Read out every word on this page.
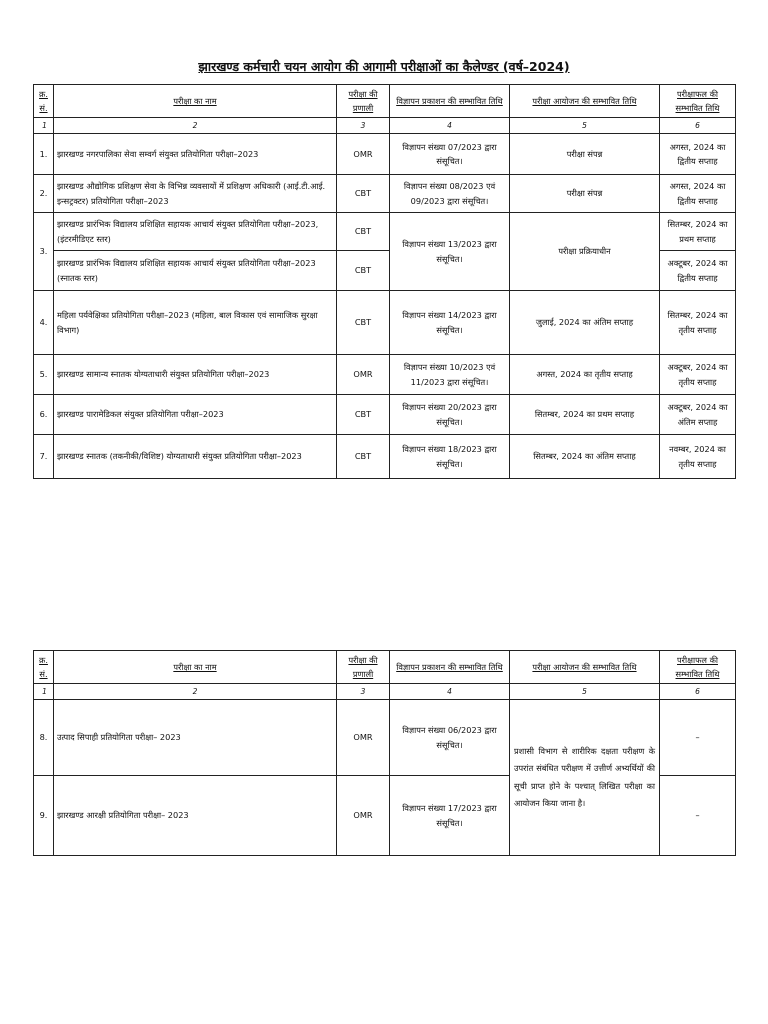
झारखण्ड कर्मचारी चयन आयोग की आगामी परीक्षाओं का कैलेण्डर (वर्ष–2024)
क्र. सं.	परीक्षा का नाम	परीक्षा की प्रणाली	विज्ञापन प्रकाशन की सम्भावित तिथि	परीक्षा आयोजन की सम्भावित तिथि	परीक्षाफल की सम्भावित तिथि
1	2	3	4	5	6
1.	झारखण्ड नगरपालिका सेवा सम्वर्ग संयुक्त प्रतियोगिता परीक्षा–2023	OMR	विज्ञापन संख्या 07/2023 द्वारा संसूचित।	परीक्षा संपन्न	अगस्त, 2024 का द्वितीय सप्ताह
2.	झारखण्ड औद्योगिक प्रशिक्षण सेवा के विभिन्न व्यवसायों में प्रशिक्षण अधिकारी (आई.टी.आई. इन्सट्रक्टर) प्रतियोगिता परीक्षा–2023	CBT	विज्ञापन संख्या 08/2023 एवं 09/2023 द्वारा संसूचित।	परीक्षा संपन्न	अगस्त, 2024 का द्वितीय सप्ताह
3.	झारखण्ड प्रारंभिक विद्यालय प्रशिक्षित सहायक आचार्य संयुक्त प्रतियोगिता परीक्षा–2023, (इंटरमीडिएट स्तर)	CBT	विज्ञापन संख्या 13/2023 द्वारा संसूचित।	परीक्षा प्रक्रियाधीन	सितम्बर, 2024 का प्रथम सप्ताह
	झारखण्ड प्रारंभिक विद्यालय प्रशिक्षित सहायक आचार्य संयुक्त प्रतियोगिता परीक्षा–2023 (स्नातक स्तर)	CBT			अक्टूबर, 2024 का द्वितीय सप्ताह
4.	महिला पर्यवेक्षिका प्रतियोगिता परीक्षा–2023 (महिला, बाल विकास एवं सामाजिक सुरक्षा विभाग)	CBT	विज्ञापन संख्या 14/2023 द्वारा संसूचित।	जुलाई, 2024 का अंतिम सप्ताह	सितम्बर, 2024 का तृतीय सप्ताह
5.	झारखण्ड सामान्य स्नातक योग्यताधारी संयुक्त प्रतियोगिता परीक्षा–2023	OMR	विज्ञापन संख्या 10/2023 एवं 11/2023 द्वारा संसूचित।	अगस्त, 2024 का तृतीय सप्ताह	अक्टूबर, 2024 का तृतीय सप्ताह
6.	झारखण्ड पारामेडिकल संयुक्त प्रतियोगिता परीक्षा–2023	CBT	विज्ञापन संख्या 20/2023 द्वारा संसूचित।	सितम्बर, 2024 का प्रथम सप्ताह	अक्टूबर, 2024 का अंतिम सप्ताह
7.	झारखण्ड स्नातक (तकनीकी/विशिष्ट) योग्यताधारी संयुक्त प्रतियोगिता परीक्षा–2023	CBT	विज्ञापन संख्या 18/2023 द्वारा संसूचित।	सितम्बर, 2024 का अंतिम सप्ताह	नवम्बर, 2024 का तृतीय सप्ताह
क्र. सं.	परीक्षा का नाम	परीक्षा की प्रणाली	विज्ञापन प्रकाशन की सम्भावित तिथि	परीक्षा आयोजन की सम्भावित तिथि	परीक्षाफल की सम्भावित तिथि
1	2	3	4	5	6
8.	उत्पाद सिपाही प्रतियोगिता परीक्षा– 2023	OMR	विज्ञापन संख्या 06/2023 द्वारा संसूचित।	प्रशासी विभाग से शारीरिक दक्षता परीक्षण के उपरांत संबंधित परीक्षण में उत्तीर्ण अभ्यर्थियों की सूची प्राप्त होने के पश्चात् लिखित परीक्षा का आयोजन किया जाना है।	–
9.	झारखण्ड आरक्षी प्रतियोगिता परीक्षा– 2023	OMR	विज्ञापन संख्या 17/2023 द्वारा संसूचित।		–
